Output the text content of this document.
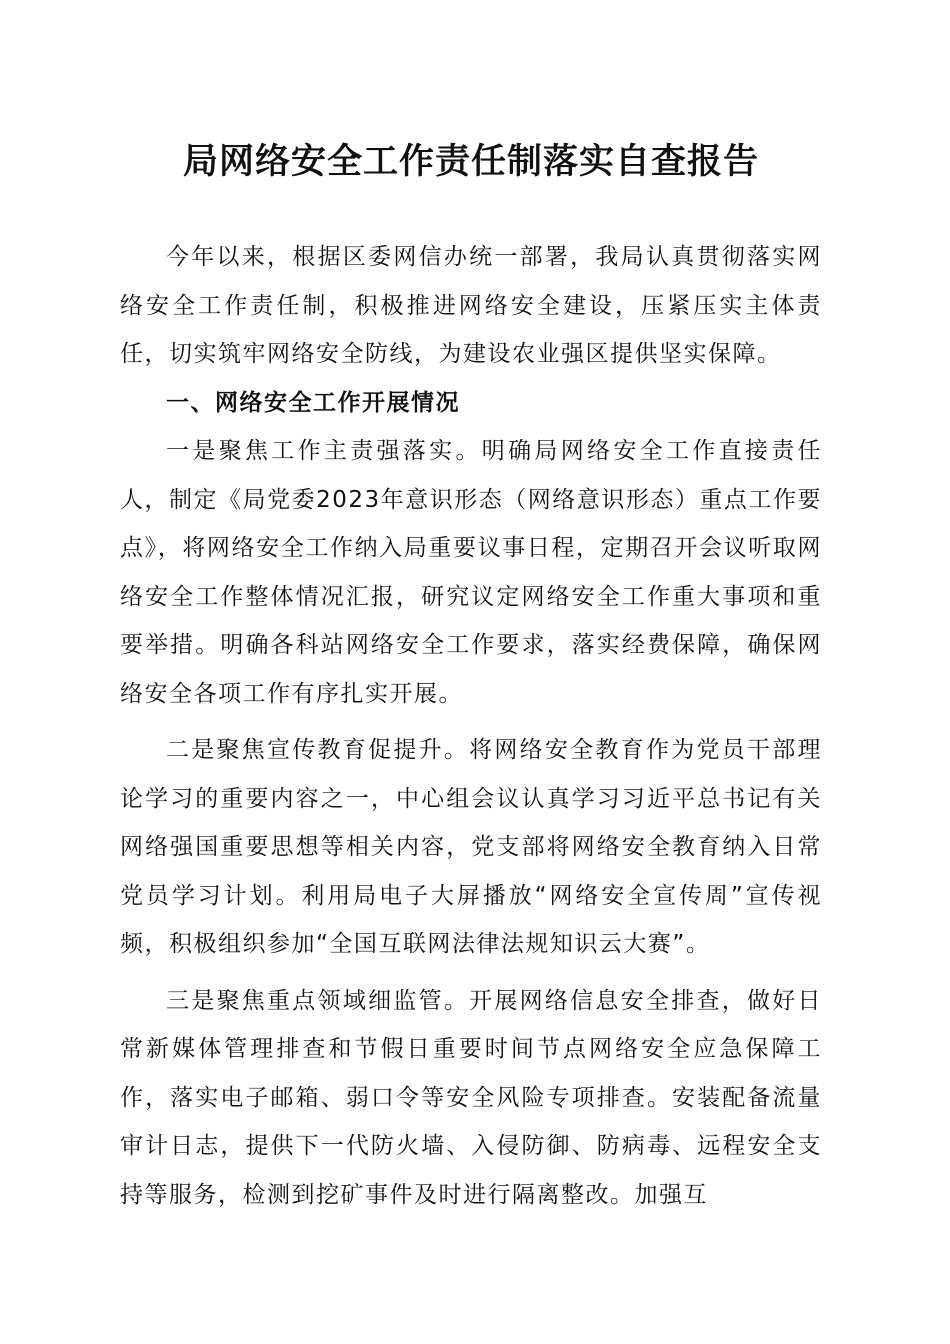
局网络安全工作责任制落实自查报告

今年以来，根据区委网信办统一部署，我局认真贯彻落实网络安全工作责任制，积极推进网络安全建设，压紧压实主体责任，切实筑牢网络安全防线，为建设农业强区提供坚实保障。

一、网络安全工作开展情况

一是聚焦工作主责强落实。明确局网络安全工作直接责任人，制定《局党委2023年意识形态（网络意识形态）重点工作要点》，将网络安全工作纳入局重要议事日程，定期召开会议听取网络安全工作整体情况汇报，研究议定网络安全工作重大事项和重要举措。明确各科站网络安全工作要求，落实经费保障，确保网络安全各项工作有序扎实开展。

二是聚焦宣传教育促提升。将网络安全教育作为党员干部理论学习的重要内容之一，中心组会议认真学习习近平总书记有关网络强国重要思想等相关内容，党支部将网络安全教育纳入日常党员学习计划。利用局电子大屏播放“网络安全宣传周”宣传视频，积极组织参加“全国互联网法律法规知识云大赛”。

三是聚焦重点领域细监管。开展网络信息安全排查，做好日常新媒体管理排查和节假日重要时间节点网络安全应急保障工作，落实电子邮箱、弱口令等安全风险专项排查。安装配备流量审计日志，提供下一代防火墙、入侵防御、防病毒、远程安全支持等服务，检测到挖矿事件及时进行隔离整改。加强互
